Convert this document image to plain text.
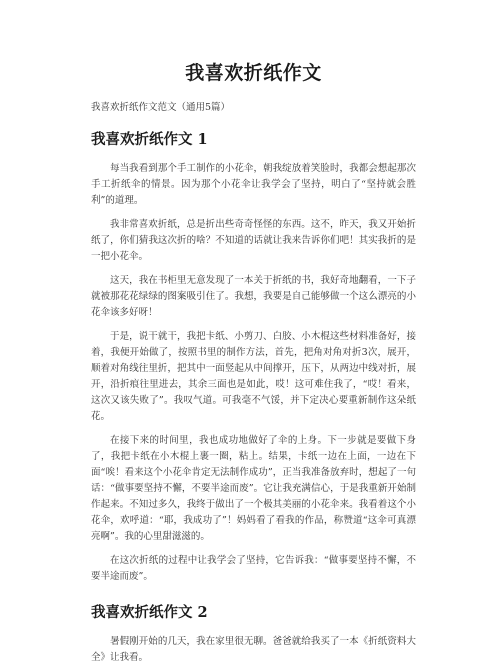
我喜欢折纸作文

我喜欢折纸作文范文（通用5篇）

我喜欢折纸作文 1

每当我看到那个手工制作的小花伞，朝我绽放着笑脸时，我都会想起那次手工折纸伞的情景。因为那个小花伞让我学会了坚持，明白了“坚持就会胜利”的道理。

我非常喜欢折纸，总是折出些奇奇怪怪的东西。这不，昨天，我又开始折纸了，你们猜我这次折的啥？不知道的话就让我来告诉你们吧！其实我折的是一把小花伞。

这天，我在书柜里无意发现了一本关于折纸的书，我好奇地翻看，一下子就被那花花绿绿的图案吸引住了。我想，我要是自己能够做一个这么漂亮的小花伞该多好呀！

于是，说干就干，我把卡纸、小剪刀、白胶、小木棍这些材料准备好，接着，我便开始做了，按照书里的制作方法，首先，把角对角对折3次，展开，顺着对角线往里折，把其中一面竖起从中间撑开，压下，从两边中线对折，展开，沿折痕往里进去，其余三面也是如此，哎！这可难住我了，“哎！看来，这次又该失败了”。我叹气道。可我毫不气馁，并下定决心要重新制作这朵纸花。

在接下来的时间里，我也成功地做好了伞的上身。下一步就是要做下身了，我把卡纸在小木棍上裹一圈，粘上。结果，卡纸一边在上面，一边在下面“唉！看来这个小花伞肯定无法制作成功”，正当我准备放弃时，想起了一句话：“做事要坚持不懈，不要半途而废”。它让我充满信心，于是我重新开始制作起来。不知过多久，我终于做出了一个极其美丽的小花伞来。我看着这个小花伞，欢呼道：“耶，我成功了”！妈妈看了看我的作品，称赞道“这伞可真漂亮啊”。我的心里甜滋滋的。

在这次折纸的过程中让我学会了坚持，它告诉我：“做事要坚持不懈，不要半途而废”。

我喜欢折纸作文 2

暑假刚开始的几天，我在家里很无聊。爸爸就给我买了一本《折纸资料大全》让我看。
